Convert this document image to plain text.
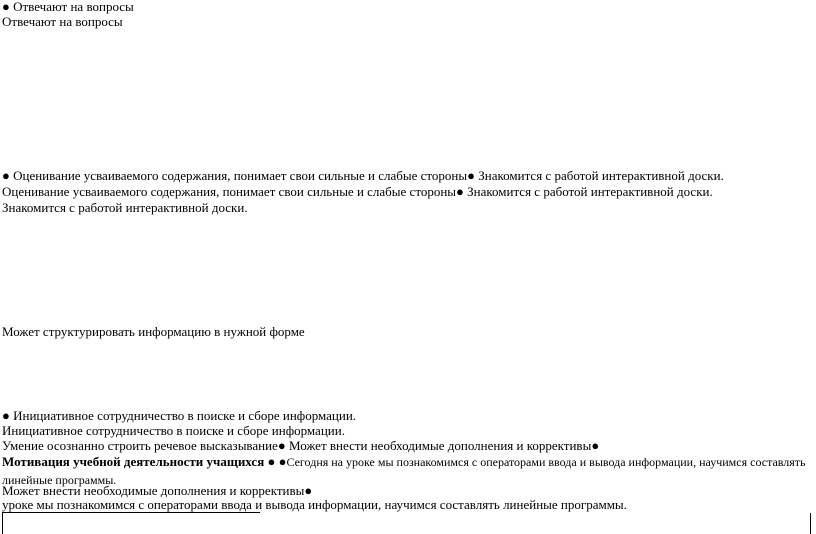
● Отвечают на вопросы
Отвечают на вопросы
● Оценивание усваиваемого содержания, понимает свои сильные и слабые стороны● Знакомится с работой интерактивной доски.
Оценивание усваиваемого содержания, понимает свои сильные и слабые стороны● Знакомится с работой интерактивной доски.
Знакомится с работой интерактивной доски.
Может структурировать информацию в нужной форме
● Инициативное сотрудничество в поиске и сборе информации.
Инициативное сотрудничество в поиске и сборе информации.
Умение осознанно строить речевое высказывание● Может внести необходимые дополнения и коррективы●
Мотивация учебной деятельности учащихся ● ●Сегодня на уроке мы познакомимся с операторами ввода и вывода информации, научимся составлять линейные программы.
Может внести необходимые дополнения и коррективы●
уроке мы познакомимся с операторами ввода и вывода информации, научимся составлять линейные программы.
